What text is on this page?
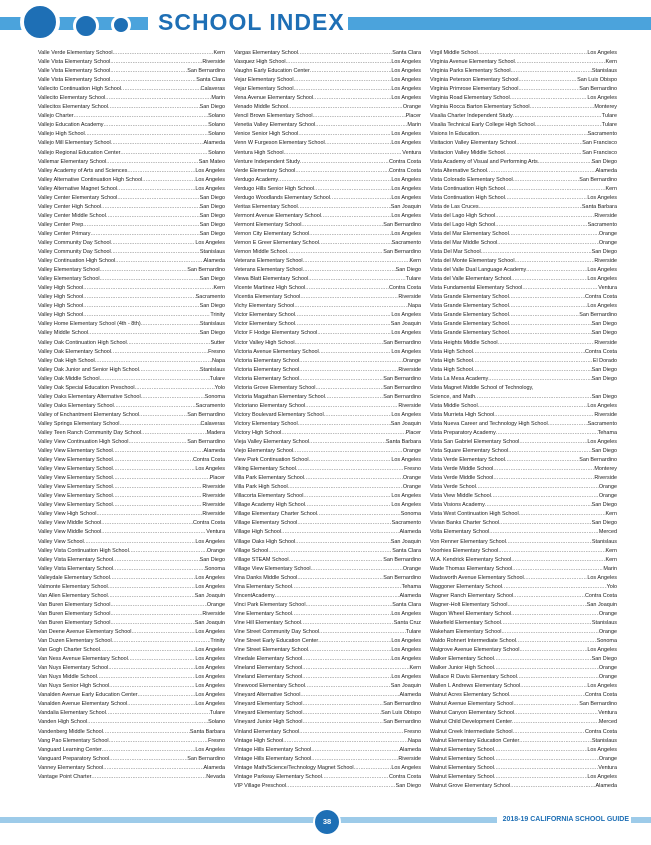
SCHOOL INDEX
Valle Verde Elementary School .....	Kern
Valle Vista Elementary School .....	Riverside
Valle Vista Elementary School .....	San Bernardino
Valle Vista Elementary School .....	Santa Clara
Vallecito Continuation High School .....	Calaveras
Vallecito Elementary School .....	Marin
Vallecitos Elementary School .....	San Diego
Vallejo Charter .....	Solano
Vallejo Education Academy .....	Solano
Vallejo High School .....	Solano
Vallejo Mill Elementary School .....	Alameda
Vallejo Regional Education Center .....	Solano
Vallemar Elementary School .....	San Mateo
Valley Academy of Arts and Sciences .....	Los Angeles
Valley Alternative Continuation High School .....	Los Angeles
Valley Alternative Magnet School .....	Los Angeles
Valley Center Elementary School .....	San Diego
Valley Center High School .....	San Diego
Valley Center Middle School .....	San Diego
Valley Center Prep .....	San Diego
Valley Center Primary .....	San Diego
Valley Community Day School .....	Los Angeles
Valley Community Day School .....	Stanislaus
Valley Continuation High School .....	Alameda
Valley Elementary School .....	San Bernardino
Valley Elementary School .....	San Diego
Valley High School .....	Kern
Valley High School .....	Sacramento
Valley High School .....	San Diego
Valley High School .....	Trinity
Valley Home Elementary School (4th - 8th) .....	Stanislaus
Valley Middle School .....	San Diego
Valley Oak Continuation High School .....	Sutter
Valley Oak Elementary School .....	Fresno
Valley Oak High School .....	Napa
Valley Oak Junior and Senior High School .....	Stanislaus
Valley Oak Middle School .....	Tulare
Valley Oak Special Education Preschool .....	Yolo
Valley Oaks Elementary Alternative School .....	Sonoma
Valley Oaks Elementary School .....	Sacramento
Valley of Enchantment Elementary School .....	San Bernardino
Valley Springs Elementary School .....	Calaveras
Valley Teen Ranch Community Day School .....	Madera
Valley View Continuation High School .....	San Bernardino
Valley View Elementary School .....	Alameda
Valley View Elementary School .....	Contra Costa
Valley View Elementary School .....	Los Angeles
Valley View Elementary School .....	Placer
Valley View Elementary School .....	Riverside
Valley View Elementary School .....	Riverside
Valley View Elementary School .....	Riverside
Valley View High School .....	Riverside
Valley View Middle School .....	Contra Costa
Valley View Middle School .....	Ventura
Valley View School .....	Los Angeles
Valley Vista Continuation High School .....	Orange
Valley Vista Elementary School .....	San Diego
Valley Vista Elementary School .....	Sonoma
Valleydale Elementary School .....	Los Angeles
Valmonte Elementary School .....	Los Angeles
Van Allen Elementary School .....	San Joaquin
Van Buren Elementary School .....	Orange
Van Buren Elementary School .....	Riverside
Van Buren Elementary School .....	San Joaquin
Van Deene Avenue Elementary School .....	Los Angeles
Van Duzen Elementary School .....	Trinity
Van Gogh Charter School .....	Los Angeles
Van Ness Avenue Elementary School .....	Los Angeles
Van Nuys Elementary School .....	Los Angeles
Van Nuys Middle School .....	Los Angeles
Van Nuys Senior High School .....	Los Angeles
Vanalden Avenue Early Education Center .....	Los Angeles
Vanalden Avenue Elementary School .....	Los Angeles
Vandalia Elementary School .....	Tulare
Vanden High School .....	Solano
Vandenberg Middle School .....	Santa Barbara
Vang Pao Elementary School .....	Fresno
Vanguard Learning Center .....	Los Angeles
Vanguard Preparatory School .....	San Bernardino
Vanney Elementary School .....	Alameda
Vantage Point Charter .....	Nevada
Vargas Elementary School .....	Santa Clara
Vasquez High School .....	Los Angeles
Vaughn Early Education Center .....	Los Angeles
Vejar Elementary School .....	Los Angeles
Vejar Elementary School .....	Los Angeles
Vena Avenue Elementary School .....	Los Angeles
Venado Middle School .....	Orange
Vencil Brown Elementary School .....	Placer
Venetia Valley Elementary School .....	Marin
Venice Senior High School .....	Los Angeles
Venn W Furgeson Elementary School .....	Los Angeles
Ventura High School .....	Ventura
Venture Independent Study .....	Contra Costa
Verde Elementary School .....	Contra Costa
Verdugo Academy .....	Los Angeles
Verdugo Hills Senior High School .....	Los Angeles
Verdugo Woodlands Elementary School .....	Los Angeles
Veritas Elementary School .....	San Joaquin
Vermont Avenue Elementary School .....	Los Angeles
Vermont Elementary School .....	San Bernardino
Vernon City Elementary School .....	Los Angeles
Vernon E Greer Elementary School .....	Sacramento
Vernon Middle School .....	San Bernardino
Veterans Elementary School .....	Kern
Veterans Elementary School .....	San Diego
Viewa Blatt Elementary School .....	Tulare
Vicente Martinez High School .....	Contra Costa
Vicentia Elementary School .....	Riverside
Vichy Elementary School .....	Napa
Victor Elementary School .....	Los Angeles
Victor Elementary School .....	San Joaquin
Victor F Hodge Elementary School .....	Los Angeles
Victor Valley High School .....	San Bernardino
Victoria Avenue Elementary School .....	Los Angeles
Victoria Elementary School .....	Orange
Victoria Elementary School .....	Riverside
Victoria Elementary School .....	San Bernardino
Victoria Grove Elementary School .....	San Bernardino
Victoria Magathan Elementary School .....	San Bernardino
Victoriano Elementary School .....	Riverside
Victory Boulevard Elementary School .....	Los Angeles
Victory Elementary School .....	San Joaquin
Victory High School .....	Placer
Vieja Valley Elementary School .....	Santa Barbara
Viejo Elementary School .....	Orange
View Park Continuation School .....	Los Angeles
Viking Elementary School .....	Fresno
Villa Park Elementary School .....	Orange
Villa Park High School .....	Orange
Villacorta Elementary School .....	Los Angeles
Village Academy High School .....	Los Angeles
Village Elementary Charter School .....	Sonoma
Village Elementary School .....	Sacramento
Village High School .....	Alameda
Village Oaks High School .....	San Joaquin
Village School .....	Santa Clara
Village STEAM School .....	San Bernardino
Village View Elementary School .....	Orange
Vina Danks Middle School .....	San Bernardino
Vina Elementary School .....	Tehama
VincentAcademy .....	Alameda
Vinci Park Elementary School .....	Santa Clara
Vine Elementary School .....	Los Angeles
Vine Hill Elementary School .....	Santa Cruz
Vine Street Community Day School .....	Tulare
Vine Street Early Education Center .....	Los Angeles
Vine Street Elementary School .....	Los Angeles
Vinedale Elementary School .....	Los Angeles
Vineland Elementary School .....	Kern
Vineland Elementary School .....	Los Angeles
Vinewood Elementary School .....	San Joaquin
Vineyard Alternative School .....	Alameda
Vineyard Elementary School .....	San Bernardino
Vineyard Elementary School .....	San Luis Obispo
Vineyard Junior High School .....	San Bernardino
Vinland Elementary School .....	Fresno
Vintage High School .....	Napa
Vintage Hills Elementary School .....	Alameda
Vintage Hills Elementary School .....	Riverside
Vintage Math/Science/Technology Magnet School .....	Los Angeles
Vintage Parkway Elementary School .....	Contra Costa
VIP Village Preschool .....	San Diego
Virgil Middle School .....	Los Angeles
Virginia Avenue Elementary School .....	Kern
Virginia Parks Elementary School .....	Stanislaus
Virginia Peterson Elementary School .....	San Luis Obispo
Virginia Primrose Elementary School .....	San Bernardino
Virginia Road Elementary School .....	Los Angeles
Virginia Rocca Barton Elementary School .....	Monterey
Visalia Charter Independent Study .....	Tulare
Visalia Technical Early College High School .....	Tulare
Visions In Education .....	Sacramento
Visitacion Valley Elementary School .....	San Francisco
Visitacion Valley Middle School .....	San Francisco
Vista Academy of Visual and Performing Arts .....	San Diego
Vista Alternative School .....	Alameda
Vista Colorado Elementary School .....	San Bernardino
Vista Continuation High School .....	Kern
Vista Continuation High School .....	Los Angeles
Vista de Las Cruces .....	Santa Barbara
Vista del Lago High School .....	Riverside
Vista del Lago High School .....	Sacramento
Vista del Mar Elementary School .....	Orange
Vista del Mar Middle School .....	Orange
Vista Del Mar School .....	San Diego
Vista del Monte Elementary School .....	Riverside
Vista del Valle Dual Language Academy .....	Los Angeles
Vista del Valle Elementary School .....	Los Angeles
Vista Fundamental Elementary School .....	Ventura
Vista Grande Elementary School .....	Contra Costa
Vista Grande Elementary School .....	Los Angeles
Vista Grande Elementary School .....	San Bernardino
Vista Grande Elementary School .....	San Diego
Vista Grande Elementary School .....	San Diego
Vista Heights Middle School .....	Riverside
Vista High School .....	Contra Costa
Vista High School .....	El Dorado
Vista High School .....	San Diego
Vista La Mesa Academy .....	San Diego
Vista Magnet Middle School of Technology,
Science, and Math .....	San Diego
Vista Middle School .....	Los Angeles
Vista Murrieta High School .....	Riverside
Vista Nueva Career and Technology High School .....	Sacramento
Vista Preparatory Academy .....	Tehama
Vista San Gabriel Elementary School .....	Los Angeles
Vista Square Elementary School .....	San Diego
Vista Verde Elementary School .....	San Bernardino
Vista Verde Middle School .....	Monterey
Vista Verde Middle School .....	Riverside
Vista Verde School .....	Orange
Vista View Middle School .....	Orange
Vista Visions Academy .....	San Diego
Vista West Continuation High School .....	Kern
Vivian Banks Charter School .....	San Diego
Volta Elementary School .....	Merced
Von Renner Elementary School .....	Stanislaus
Voorhies Elementary School .....	Kern
W.A. Kendrick Elementary School .....	Kern
Wade Thomas Elementary School .....	Marin
Wadsworth Avenue Elementary School .....	Los Angeles
Waggoner Elementary School .....	Yolo
Wagner Ranch Elementary School .....	Contra Costa
Wagner-Holt Elementary School .....	San Joaquin
Wagon Wheel Elementary School .....	Orange
Wakefield Elementary School .....	Stanislaus
Wakeham Elementary School .....	Orange
Waldo Rohnert Intermediate School .....	Sonoma
Walgrove Avenue Elementary School .....	Los Angeles
Walker Elementary School .....	San Diego
Walker Junior High School .....	Orange
Wallace R Davis Elementary School .....	Orange
Wallen L Andrews Elementary School .....	Los Angeles
Walnut Acres Elementary School .....	Contra Costa
Walnut Avenue Elementary School .....	San Bernardino
Walnut Canyon Elementary School .....	Ventura
Walnut Child Development Center .....	Merced
Walnut Creek Intermediate School .....	Contra Costa
Walnut Elementary Education Center .....	Stanislaus
Walnut Elementary School .....	Los Angeles
Walnut Elementary School .....	Orange
Walnut Elementary School .....	Ventura
Walnut Elementary School .....	Los Angeles
Walnut Grove Elementary School .....	Alameda
38	2018-19 CALIFORNIA SCHOOL GUIDE
